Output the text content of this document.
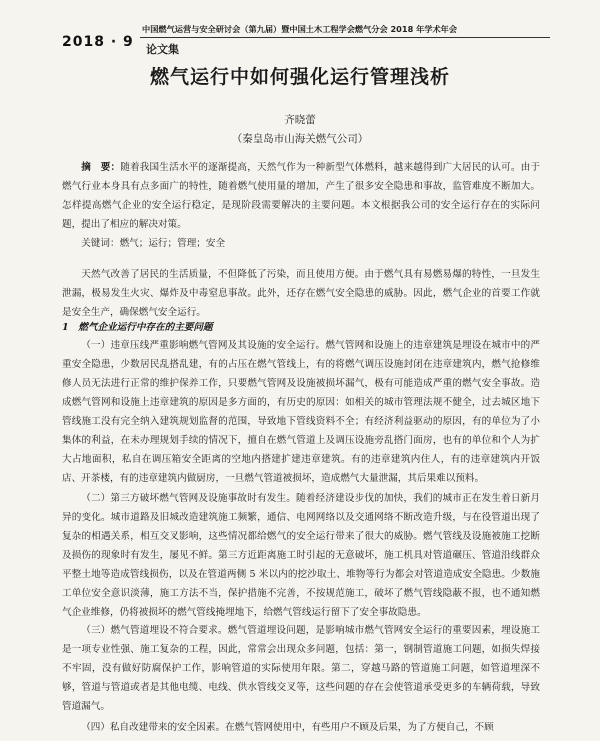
2018 · 9
中国燃气运营与安全研讨会（第九届）暨中国土木工程学会燃气分会 2018 年学术年会
论文集
燃气运行中如何强化运行管理浅析
齐晓蕾
（秦皇岛市山海关燃气公司）

摘　要：随着我国生活水平的逐渐提高，天然气作为一种新型气体燃料，越来越得到广大居民的认可。由于燃气行业本身具有点多面广的特性，随着燃气使用量的增加，产生了很多安全隐患和事故，监管难度不断加大。怎样提高燃气企业的安全运行稳定，是现阶段需要解决的主要问题。本文根据我公司的安全运行存在的实际问题，提出了相应的解决对策。

关键词：燃气；运行；管理；安全

天然气改善了居民的生活质量，不但降低了污染，而且使用方便。由于燃气具有易燃易爆的特性，一旦发生泄漏，极易发生火灾、爆炸及中毒窒息事故。此外，还存在燃气安全隐患的威胁。因此，燃气企业的首要工作就是安全生产，确保燃气安全运行。

1　燃气企业运行中存在的主要问题

（一）违章压线严重影响燃气管网及其设施的安全运行。燃气管网和设施上的违章建筑是埋设在城市中的严重安全隐患，少数居民乱搭乱建，有的占压在燃气管线上，有的将燃气调压设施封闭在违章建筑内，燃气抢修维修人员无法进行正常的维护保养工作，只要燃气管网及设施被损坏漏气，极有可能造成严重的燃气安全事故。造成燃气管网和设施上违章建筑的原因是多方面的，有历史的原因：如相关的城市管理法规不健全，过去城区地下管线施工没有完全纳入建筑规划监督的范围，导致地下管线资料不全；有经济利益驱动的原因，有的单位为了小集体的利益，在未办理规划手续的情况下，擅自在燃气管道上及调压设施旁乱搭门面房，也有的单位和个人为扩大占地面积，私自在调压箱安全距离的空地内搭建扩建违章建筑。有的违章建筑内住人，有的违章建筑内开饭店、开茶楼，有的违章建筑内做厨房，一旦燃气管道被损坏，造成燃气大量泄漏，其后果难以预料。

（二）第三方破坏燃气管网及设施事故时有发生。随着经济建设步伐的加快，我们的城市正在发生着日新月异的变化。城市道路及旧城改造建筑施工频繁，通信、电网网络以及交通网络不断改造升级，与在役管道出现了复杂的相遇关系，相互交叉影响，这些情况都给燃气的安全运行带来了很大的威胁。燃气管线及设施被施工挖断及损伤的现象时有发生，屡见不鲜。第三方近距离施工时引起的无意破坏，施工机具对管道碾压、管道沿线群众平整土地等造成管线损伤，以及在管道两侧 5 米以内的挖沙取土、堆物等行为都会对管道造成安全隐患。少数施工单位安全意识淡薄，施工方法不当，保护措施不完善，不按规范施工，破坏了燃气管线隐蔽不报，也不通知燃气企业维修，仍将被损坏的燃气管线掩埋地下，给燃气管线运行留下了安全事故隐患。

（三）燃气管道埋设不符合要求。燃气管道埋设问题，是影响城市燃气管网安全运行的重要因素，埋设施工是一项专业性强、施工复杂的工程，因此，常常会出现众多问题，包括：第一，钢制管道施工问题，如损失焊接不牢固，没有做好防腐保护工作，影响管道的实际使用年限。第二，穿越马路的管道施工问题，如管道埋深不够，管道与管道或者是其他电缆、电线、供水管线交叉等，这些问题的存在会使管道承受更多的车辆荷载，导致管道漏气。

（四）私自改建带来的安全因素。在燃气管网使用中，有些用户不顾及后果，为了方便自己，不顾
